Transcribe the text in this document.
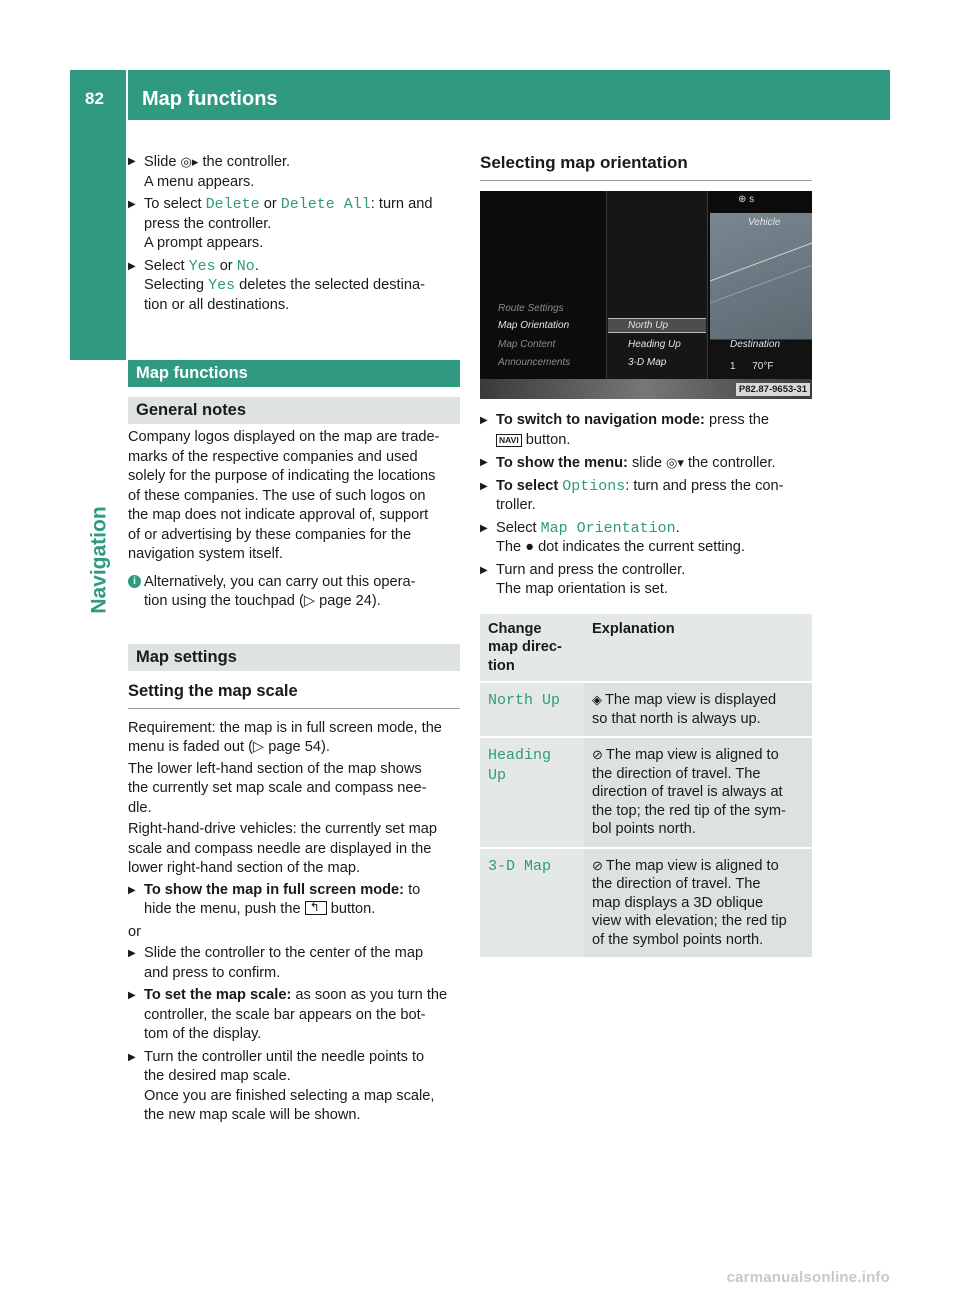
82 Map functions
Navigation
▶

Slide ◎▸ the controller.

A menu appears.

▶

To select Delete or Delete All: turn and

press the controller.

A prompt appears.

▶

Select Yes or No.

Selecting Yes deletes the selected destina-

tion or all destinations.

Map functions
General notes

Company logos displayed on the map are trade-

marks of the respective companies and used

solely for the purpose of indicating the locations

of these companies. The use of such logos on

the map does not indicate approval of, support

of or advertising by these companies for the

navigation system itself.

i Alternatively, you can carry out this opera-

tion using the touchpad (▷ page 24).

Map settings
Setting the map scale

Requirement: the map is in full screen mode, the

menu is faded out (▷ page 54).

The lower left-hand section of the map shows

the currently set map scale and compass nee-

dle.

Right-hand-drive vehicles: the currently set map

scale and compass needle are displayed in the

lower right-hand section of the map.

▶

To show the map in full screen mode: to

hide the menu, push the ↰ button.

or

▶

Slide the controller to the center of the map

and press to confirm.

▶

To set the map scale: as soon as you turn the

controller, the scale bar appears on the bot-

tom of the display.

▶

Turn the controller until the needle points to

the desired map scale.

Once you are finished selecting a map scale,

the new map scale will be shown.

Selecting map orientation
⊕ s
Vehicle
Route Settings
Map Orientation
Map Content
Announcements
North Up
Heading Up
3-D Map
Destination
1      70°F
P82.87-9653-31
▶

To switch to navigation mode: press the

NAVI button.

▶

To show the menu: slide ◎▾ the controller.

▶

To select Options: turn and press the con-

troller.

▶

Select Map Orientation.

The ● dot indicates the current setting.

▶

Turn and press the controller.

The map orientation is set.

Change
map direc-
tion	Explanation
North Up	◈ The map view is displayed
so that north is always up.
Heading Up	⊘ The map view is aligned to
the direction of travel. The
direction of travel is always at
the top; the red tip of the sym-
bol points north.
3-D Map	⊘ The map view is aligned to
the direction of travel. The
map displays a 3D oblique
view with elevation; the red tip
of the symbol points north.
carmanualsonline.info
